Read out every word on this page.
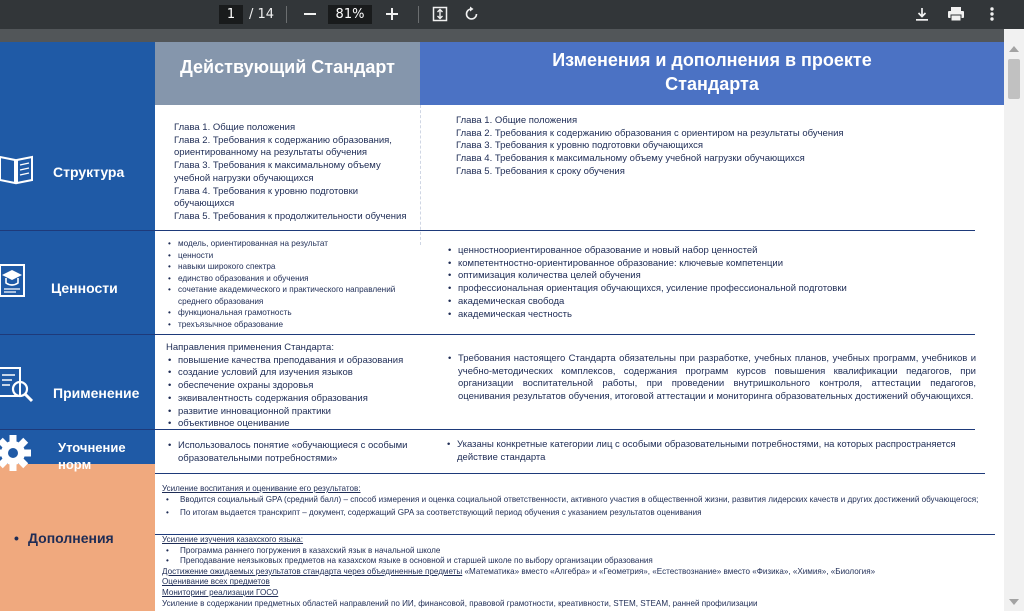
1
/ 14
81%
Действующий Стандарт	Изменения и дополнения в проекте Стандарта
Структура
Глава 1. Общие положения
Глава 2. Требования к содержанию образования, ориентированному на результаты обучения
Глава 3. Требования к максимальному объему учебной нагрузки обучающихся
Глава 4. Требования к уровню подготовки обучающихся
Глава 5. Требования к продолжительности обучения
Глава 1. Общие положения
Глава 2. Требования к содержанию образования с ориентиром на результаты обучения
Глава 3. Требования к уровню подготовки обучающихся
Глава 4. Требования к максимальному объему учебной нагрузки обучающихся
Глава 5. Требования к сроку обучения
Ценности
• модель, ориентированная на результат
• ценности
• навыки широкого спектра
• единство образования и обучения
• сочетание академического и практического направлений среднего образования
• функциональная грамотность
• трехъязычное образование
• ценностноориентированное образование и новый набор ценностей
• компетентностно-ориентированное образование: ключевые компетенции
• оптимизация количества целей обучения
• профессиональная ориентация обучающихся, усиление профессиональной подготовки
• академическая свобода
• академическая честность
Применение
Направления применения Стандарта:
• повышение качества преподавания и образования
• создание условий для изучения языков
• обеспечение охраны здоровья
• эквивалентность содержания образования
• развитие инновационной практики
• объективное оценивание
• Требования настоящего Стандарта обязательны при разработке, учебных планов, учебных программ, учебников и учебно-методических комплексов, содержания программ курсов повышения квалификации педагогов, при организации воспитательной работы, при проведении внутришкольного контроля, аттестации педагогов, оценивания результатов обучения, итоговой аттестации и мониторинга образовательных достижений обучающихся.
Уточнение норм
• Использовалось понятие «обучающиеся с особыми образовательными потребностями»
• Указаны конкретные категории лиц с особыми образовательными потребностями, на которых распространяется действие стандарта
• Дополнения
Усиление воспитания и оценивание его результатов:
• Вводится социальный GPA (средний балл) – способ измерения и оценка социальной ответственности, активного участия в общественной жизни, развития лидерских качеств и других достижений обучающегося;
• По итогам выдается транскрипт – документ, содержащий GPA за соответствующий период обучения с указанием результатов оценивания
Усиление изучения казахского языка:
• Программа раннего погружения в казахский язык в начальной школе
• Преподавание неязыковых предметов на казахском языке в основной и старшей школе по выбору организации образования
Достижение ожидаемых результатов стандарта через объединенные предметы «Математика» вместо «Алгебра» и «Геометрия», «Естествознание» вместо «Физика», «Химия», «Биология»
Оценивание всех предметов
Мониторинг реализации ГОСО
Усиление в содержании предметных областей направлений по ИИ, финансовой, правовой грамотности, креативности, STEM, STEAM, ранней профилизации
